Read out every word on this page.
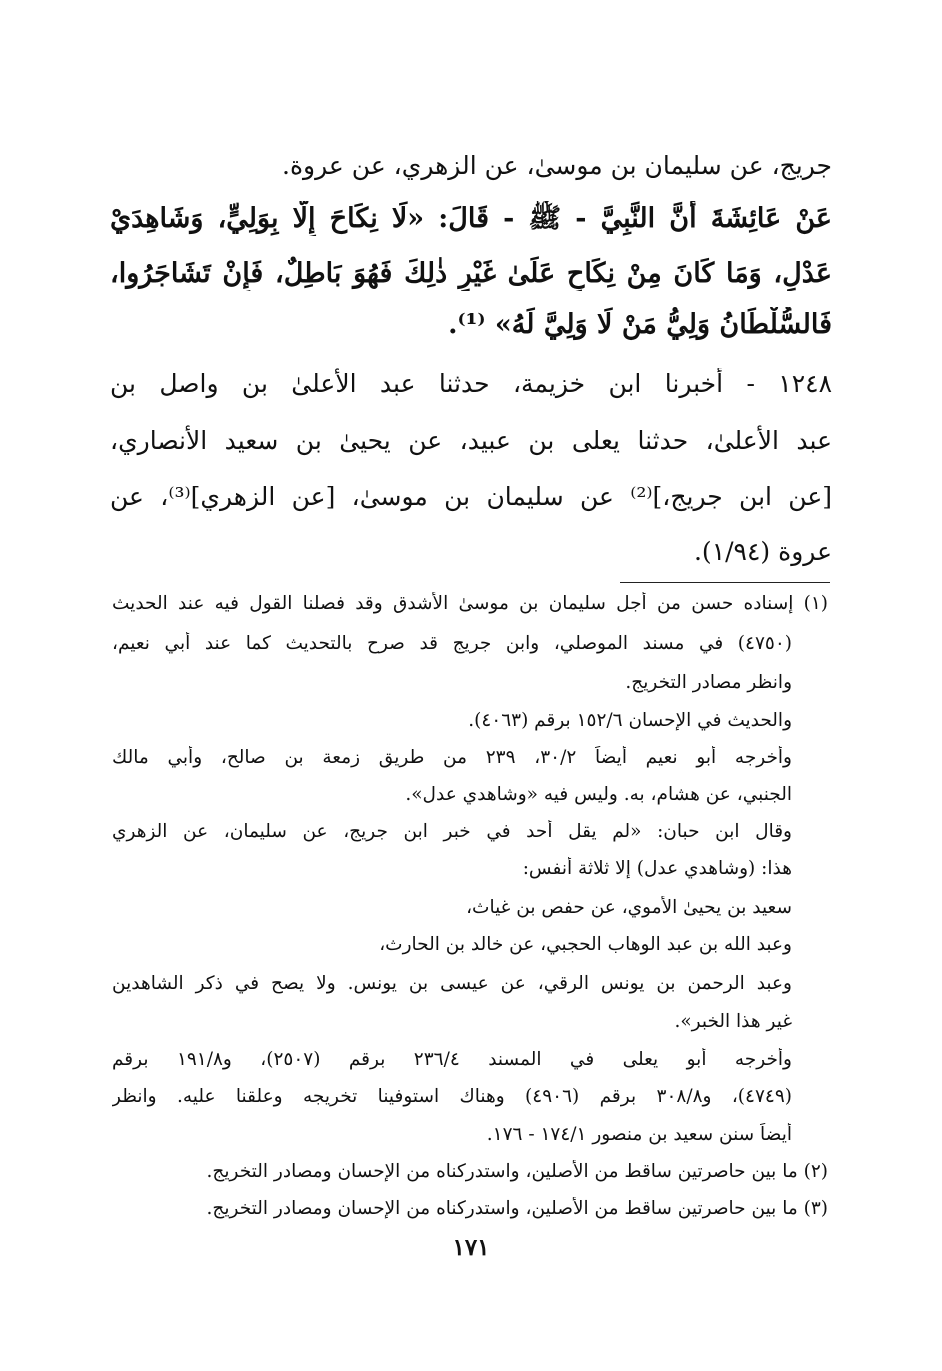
جريج، عن سليمان بن موسىٰ، عن الزهري، عن عروة.
عَنْ عَائِشَةَ أَنَّ النَّبِيَّ - ﷺ - قَالَ: «لَا نِكَاحَ إِلَّا بِوَلِيٍّ، وَشَاهِدَيْ
عَدْلٍ، وَمَا كَانَ مِنْ نِكَاحٍ عَلَىٰ غَيْرِ ذٰلِكَ فَهُوَ بَاطِلٌ، فَإِنْ تَشَاجَرُوا،
فَالسُّلْطَانُ وَلِيُّ مَنْ لَا وَلِيَّ لَهُ» ⁽¹⁾.
١٢٤٨ - أخبرنا ابن خزيمة، حدثنا عبد الأعلىٰ بن واصل بن
عبد الأعلىٰ، حدثنا يعلى بن عبيد، عن يحيىٰ بن سعيد الأنصاري،
[عن ابن جريج،]⁽²⁾ عن سليمان بن موسىٰ، [عن الزهري]⁽³⁾، عن
عروة (١/٩٤).
(١) إسناده حسن من أجل سليمان بن موسىٰ الأشدق وقد فصلنا القول فيه عند الحديث
(٤٧٥٠) في مسند الموصلي، وابن جريج قد صرح بالتحديث كما عند أبي نعيم،
وانظر مصادر التخريج.
والحديث في الإحسان ١٥٢/٦ برقم (٤٠٦٣).
وأخرجه أبو نعيم أيضاً ٣٠/٢، ٢٣٩ من طريق زمعة بن صالح، وأبي مالك
الجنبي، عن هشام، به. وليس فيه «وشاهدي عدل».
وقال ابن حبان: «لم يقل أحد في خبر ابن جريج، عن سليمان، عن الزهري
هذا: (وشاهدي عدل) إلا ثلاثة أنفس:
سعيد بن يحيىٰ الأموي، عن حفص بن غياث،
وعبد الله بن عبد الوهاب الحجبي، عن خالد بن الحارث،
وعبد الرحمن بن يونس الرقي، عن عيسى بن يونس. ولا يصح في ذكر الشاهدين
غير هذا الخبر».
وأخرجه أبو يعلى في المسند ٢٣٦/٤ برقم (٢٥٠٧)، و١٩١/٨ برقم
(٤٧٤٩)، و٣٠٨/٨ برقم (٤٩٠٦) وهناك استوفينا تخريجه وعلقنا عليه. وانظر
أيضاً سنن سعيد بن منصور ١٧٤/١ - ١٧٦.
(٢) ما بين حاصرتين ساقط من الأصلين، واستدركناه من الإحسان ومصادر التخريج.
(٣) ما بين حاصرتين ساقط من الأصلين، واستدركناه من الإحسان ومصادر التخريج.
١٧١
